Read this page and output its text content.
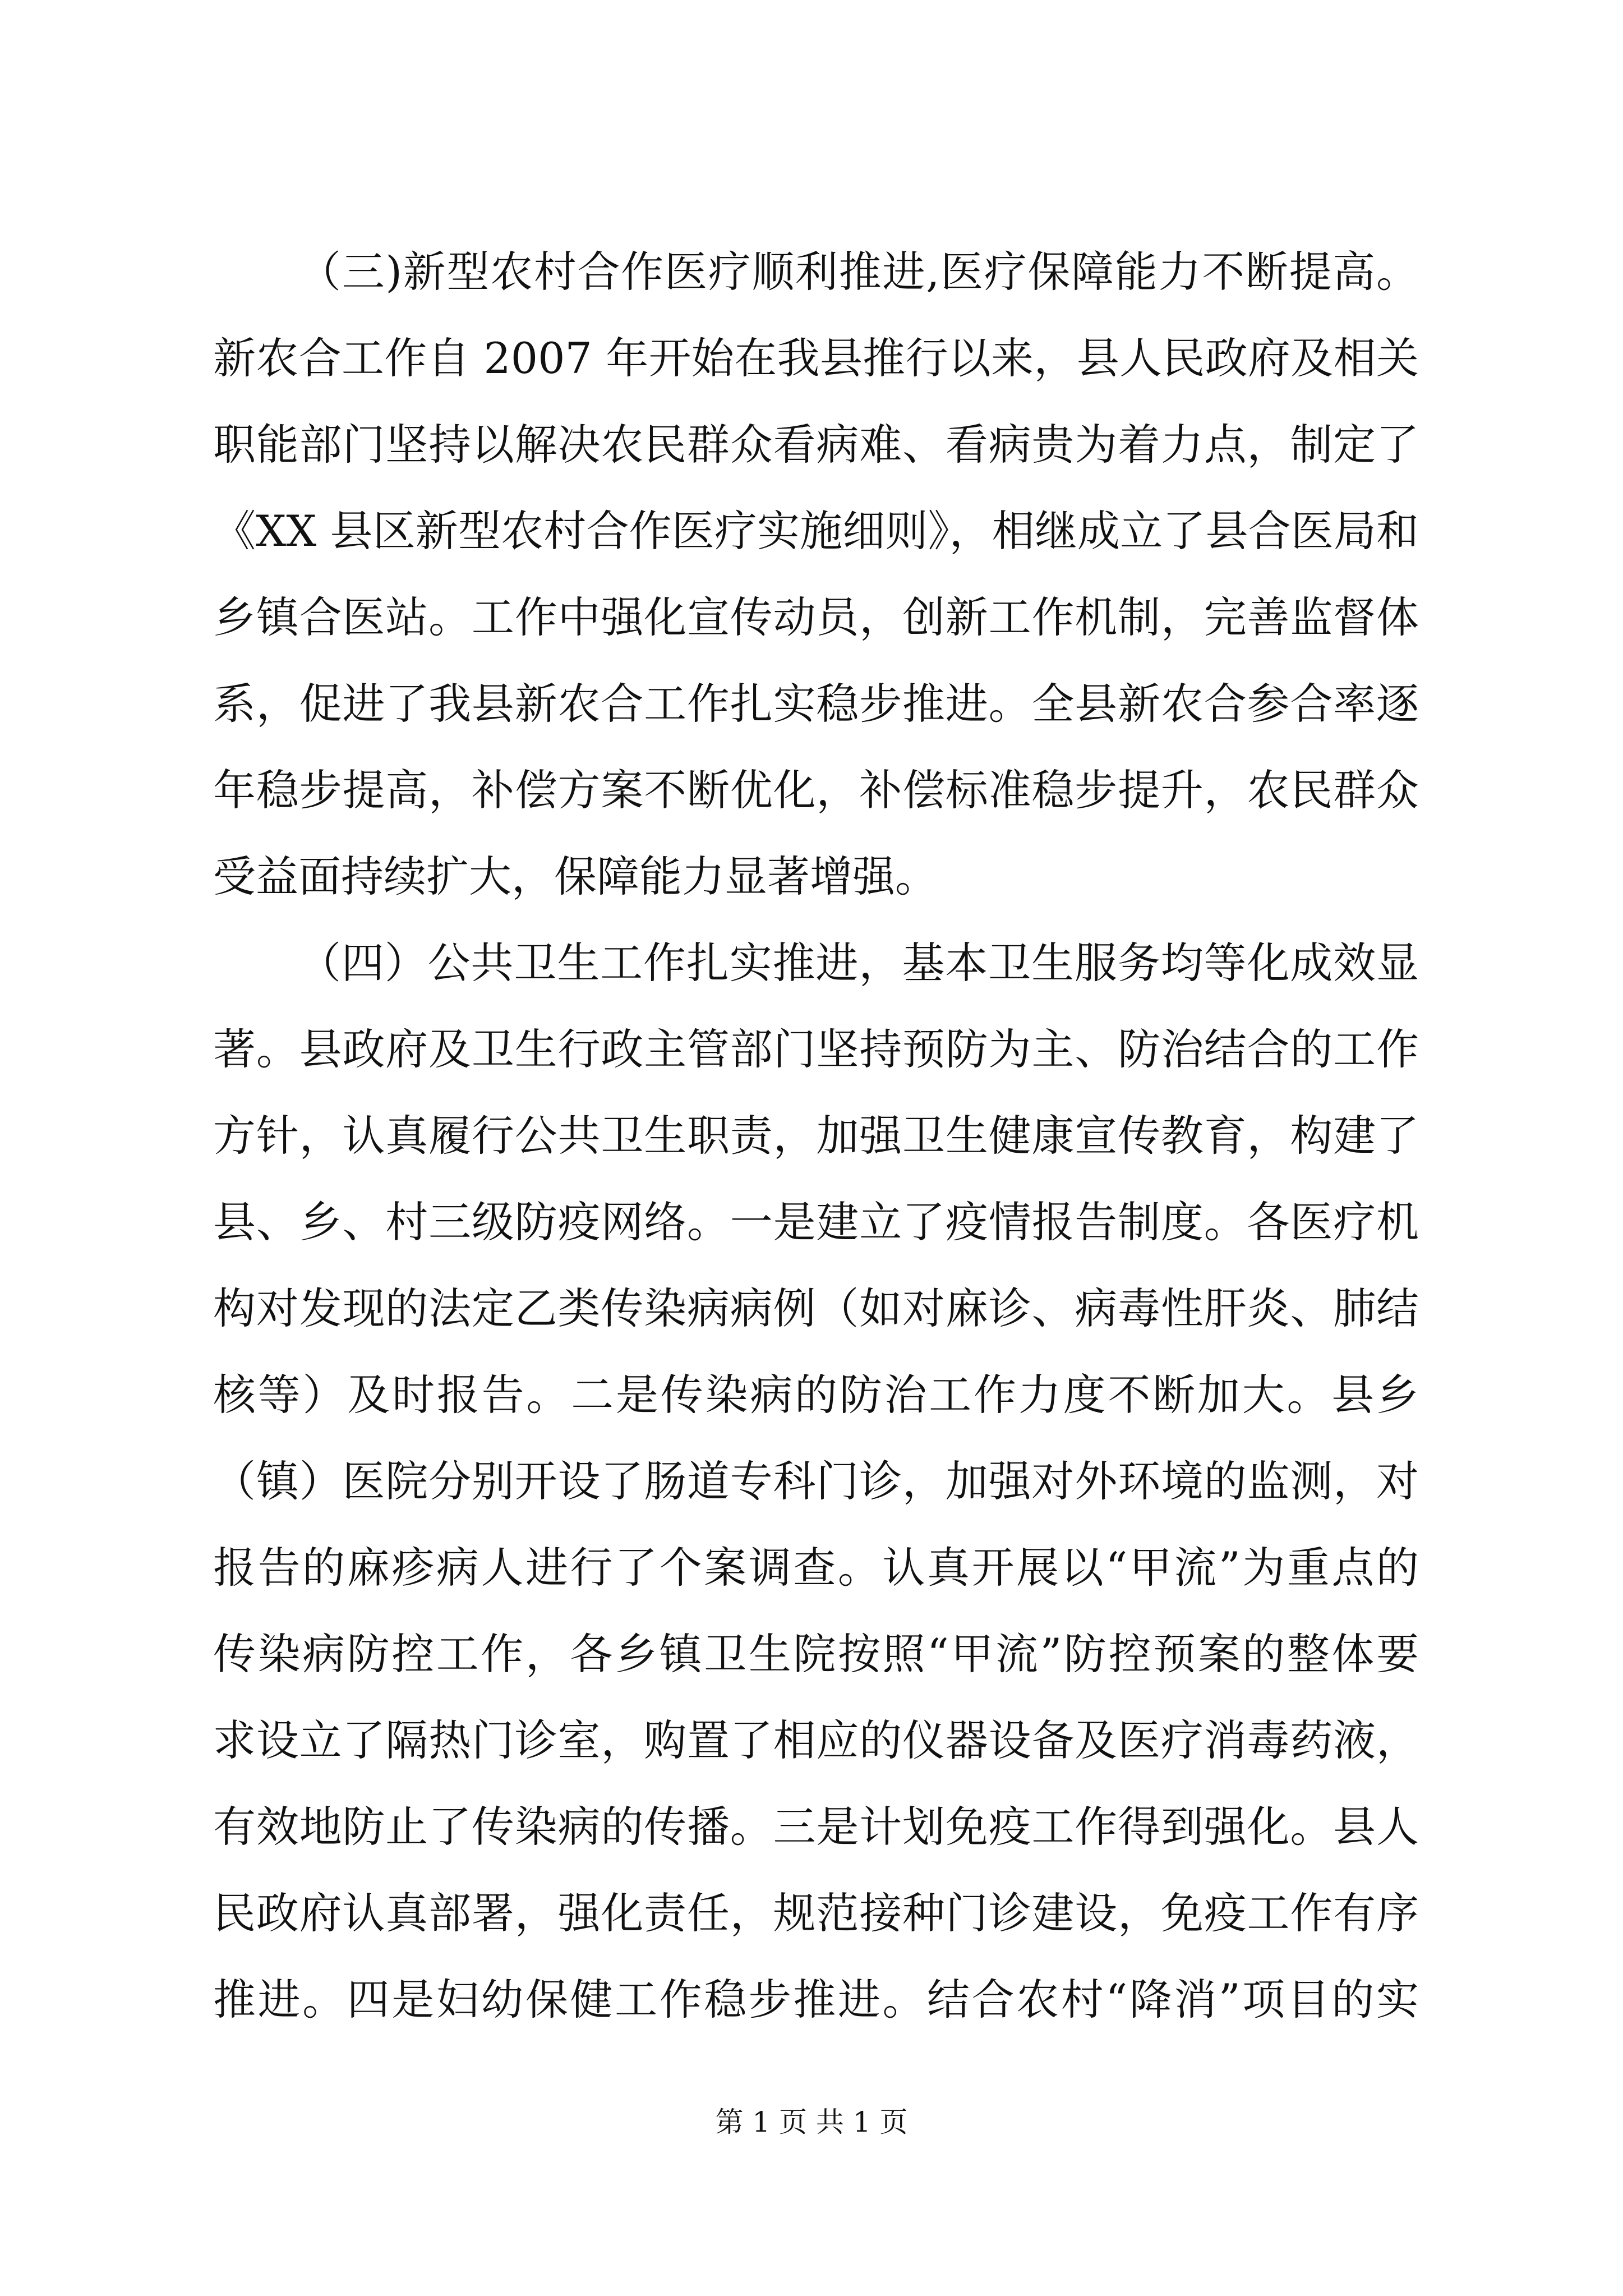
（三)新型农村合作医疗顺利推进,医疗保障能力不断提高。
新农合工作自 2007 年开始在我县推行以来，县人民政府及相关
职能部门坚持以解决农民群众看病难、看病贵为着力点，制定了
《XX 县区新型农村合作医疗实施细则》，相继成立了县合医局和
乡镇合医站。工作中强化宣传动员，创新工作机制，完善监督体
系，促进了我县新农合工作扎实稳步推进。全县新农合参合率逐
年稳步提高，补偿方案不断优化，补偿标准稳步提升，农民群众
受益面持续扩大，保障能力显著增强。
（四）公共卫生工作扎实推进，基本卫生服务均等化成效显
著。县政府及卫生行政主管部门坚持预防为主、防治结合的工作
方针，认真履行公共卫生职责，加强卫生健康宣传教育，构建了
县、乡、村三级防疫网络。一是建立了疫情报告制度。各医疗机
构对发现的法定乙类传染病病例（如对麻诊、病毒性肝炎、肺结
核等）及时报告。二是传染病的防治工作力度不断加大。县乡
（镇）医院分别开设了肠道专科门诊，加强对外环境的监测，对
报告的麻疹病人进行了个案调查。认真开展以“甲流”为重点的
传染病防控工作，各乡镇卫生院按照“甲流”防控预案的整体要
求设立了隔热门诊室，购置了相应的仪器设备及医疗消毒药液，
有效地防止了传染病的传播。三是计划免疫工作得到强化。县人
民政府认真部署，强化责任，规范接种门诊建设，免疫工作有序
推进。四是妇幼保健工作稳步推进。结合农村“降消”项目的实
第 1 页 共 1 页
